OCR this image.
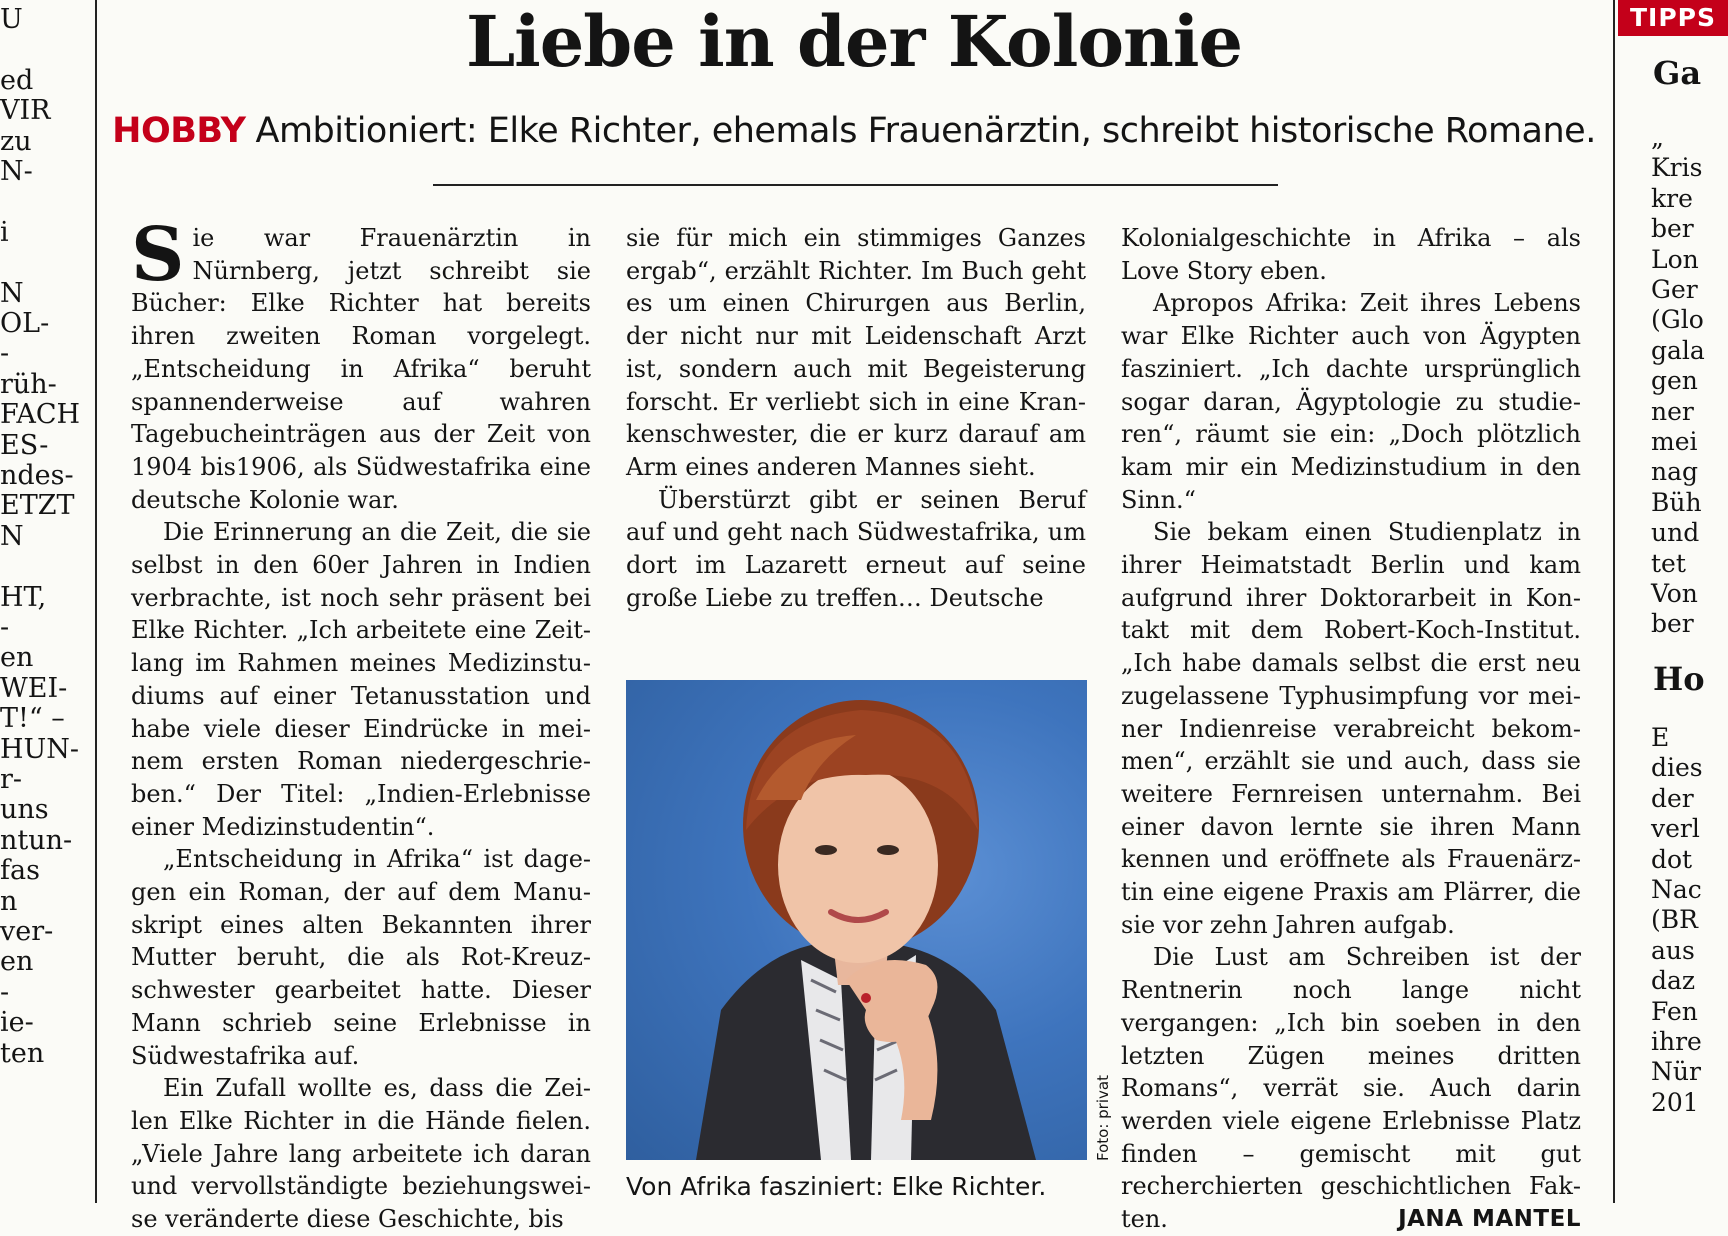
U
ed
VIR
zu
N-
i
N
OL-
-
rüh-
FACH
ES-
ndes-
ETZT
N
HT,
-
en
WEI-
T!“ –
HUN-
r-
uns
ntun-
fas
n
ver-
en
-
ie-
ten
TIPPS
Ga
Ho
„
Kris
kre
ber
Lon
Ger
(Glo
gala
gen
ner
mei
nag
Büh
und
tet
Von
ber
E
dies
der
verl
dot
Nac
(BR
aus
daz
Fen
ihre
Nür
201
Liebe in der Kolonie
HOBBY Ambitioniert: Elke Richter, ehemals Frauenärztin, schreibt historische Romane.

Sie war Frauenärztin in Nürnberg, jetzt schreibt sie Bücher: Elke Richter hat bereits ihren zweiten Roman vorgelegt. „Entscheidung in Afrika“ beruht spannenderweise auf wahren Tagebucheinträgen aus der Zeit von 1904 bis1906, als Südwestafrika eine deutsche Kolonie war.

Die Erinnerung an die Zeit, die sie selbst in den 60er Jahren in Indien verbrachte, ist noch sehr präsent bei Elke Richter. „Ich arbeitete eine Zeitlang im Rahmen meines Medizinstudiums auf einer Tetanusstation und habe viele dieser Eindrücke in meinem ersten Roman niedergeschrieben.“ Der Titel: „Indien-Erlebnisse einer Medizinstudentin“.

„Entscheidung in Afrika“ ist dagegen ein Roman, der auf dem Manuskript eines alten Bekannten ihrer Mutter beruht, die als Rot-Kreuz-schwester gearbeitet hatte. Dieser Mann schrieb seine Erlebnisse in Südwestafrika auf.

Ein Zufall wollte es, dass die Zeilen Elke Richter in die Hände fielen. „Viele Jahre lang arbeitete ich daran und vervollständigte beziehungsweise veränderte diese Geschichte, bis

sie für mich ein stimmiges Ganzes ergab“, erzählt Richter. Im Buch geht es um einen Chirurgen aus Berlin, der nicht nur mit Leidenschaft Arzt ist, sondern auch mit Begeisterung forscht. Er verliebt sich in eine Krankenschwester, die er kurz darauf am Arm eines anderen Mannes sieht.

Überstürzt gibt er seinen Beruf auf und geht nach Südwestafrika, um dort im Lazarett erneut auf seine große Liebe zu treffen… Deutsche

Foto: privat
Von Afrika fasziniert: Elke Richter.

Kolonialgeschichte in Afrika – als Love Story eben.

Apropos Afrika: Zeit ihres Lebens war Elke Richter auch von Ägypten fasziniert. „Ich dachte ursprünglich sogar daran, Ägyptologie zu studieren“, räumt sie ein: „Doch plötzlich kam mir ein Medizinstudium in den Sinn.“

Sie bekam einen Studienplatz in ihrer Heimatstadt Berlin und kam aufgrund ihrer Doktorarbeit in Kontakt mit dem Robert-Koch-Institut. „Ich habe damals selbst die erst neu zugelassene Typhusimpfung vor meiner Indienreise verabreicht bekommen“, erzählt sie und auch, dass sie weitere Fernreisen unternahm. Bei einer davon lernte sie ihren Mann kennen und eröffnete als Frauenärztin eine eigene Praxis am Plärrer, die sie vor zehn Jahren aufgab.

Die Lust am Schreiben ist der Rentnerin noch lange nicht vergangen: „Ich bin soeben in den letzten Zügen meines dritten Romans“, verrät sie. Auch darin werden viele eigene Erlebnisse Platz finden – gemischt mit gut recherchierten geschichtlichen Fakten.	JANA MANTEL
